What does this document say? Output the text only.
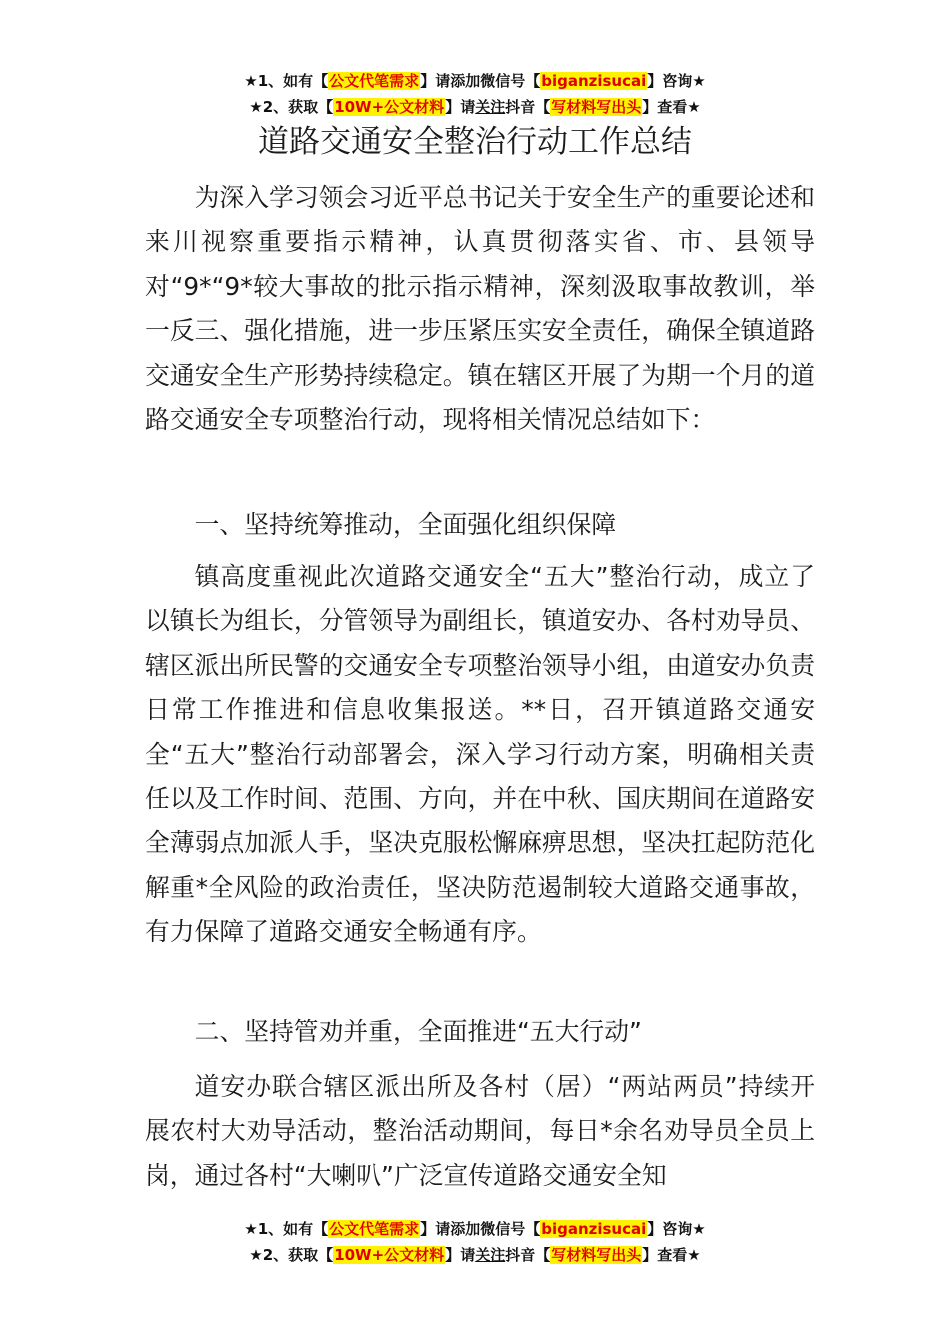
★1、如有【公文代笔需求】请添加微信号【biganzisucai】咨询★
★2、获取【10W+公文材料】请关注抖音【写材料写出头】查看★
道路交通安全整治行动工作总结

为深入学习领会习近平总书记关于安全生产的重要论述和来川视察重要指示精神，认真贯彻落实省、市、县领导对“9*“9*较大事故的批示指示精神，深刻汲取事故教训，举一反三、强化措施，进一步压紧压实安全责任，确保全镇道路交通安全生产形势持续稳定。镇在辖区开展了为期一个月的道路交通安全专项整治行动，现将相关情况总结如下：

一、坚持统筹推动，全面强化组织保障

镇高度重视此次道路交通安全“五大”整治行动，成立了以镇长为组长，分管领导为副组长，镇道安办、各村劝导员、辖区派出所民警的交通安全专项整治领导小组，由道安办负责日常工作推进和信息收集报送。**日，召开镇道路交通安全“五大”整治行动部署会，深入学习行动方案，明确相关责任以及工作时间、范围、方向，并在中秋、国庆期间在道路安全薄弱点加派人手，坚决克服松懈麻痹思想，坚决扛起防范化解重*全风险的政治责任，坚决防范遏制较大道路交通事故，有力保障了道路交通安全畅通有序。

二、坚持管劝并重，全面推进“五大行动”

道安办联合辖区派出所及各村（居）“两站两员”持续开展农村大劝导活动，整治活动期间，每日*余名劝导员全员上岗，通过各村“大喇叭”广泛宣传道路交通安全知

★1、如有【公文代笔需求】请添加微信号【biganzisucai】咨询★
★2、获取【10W+公文材料】请关注抖音【写材料写出头】查看★
